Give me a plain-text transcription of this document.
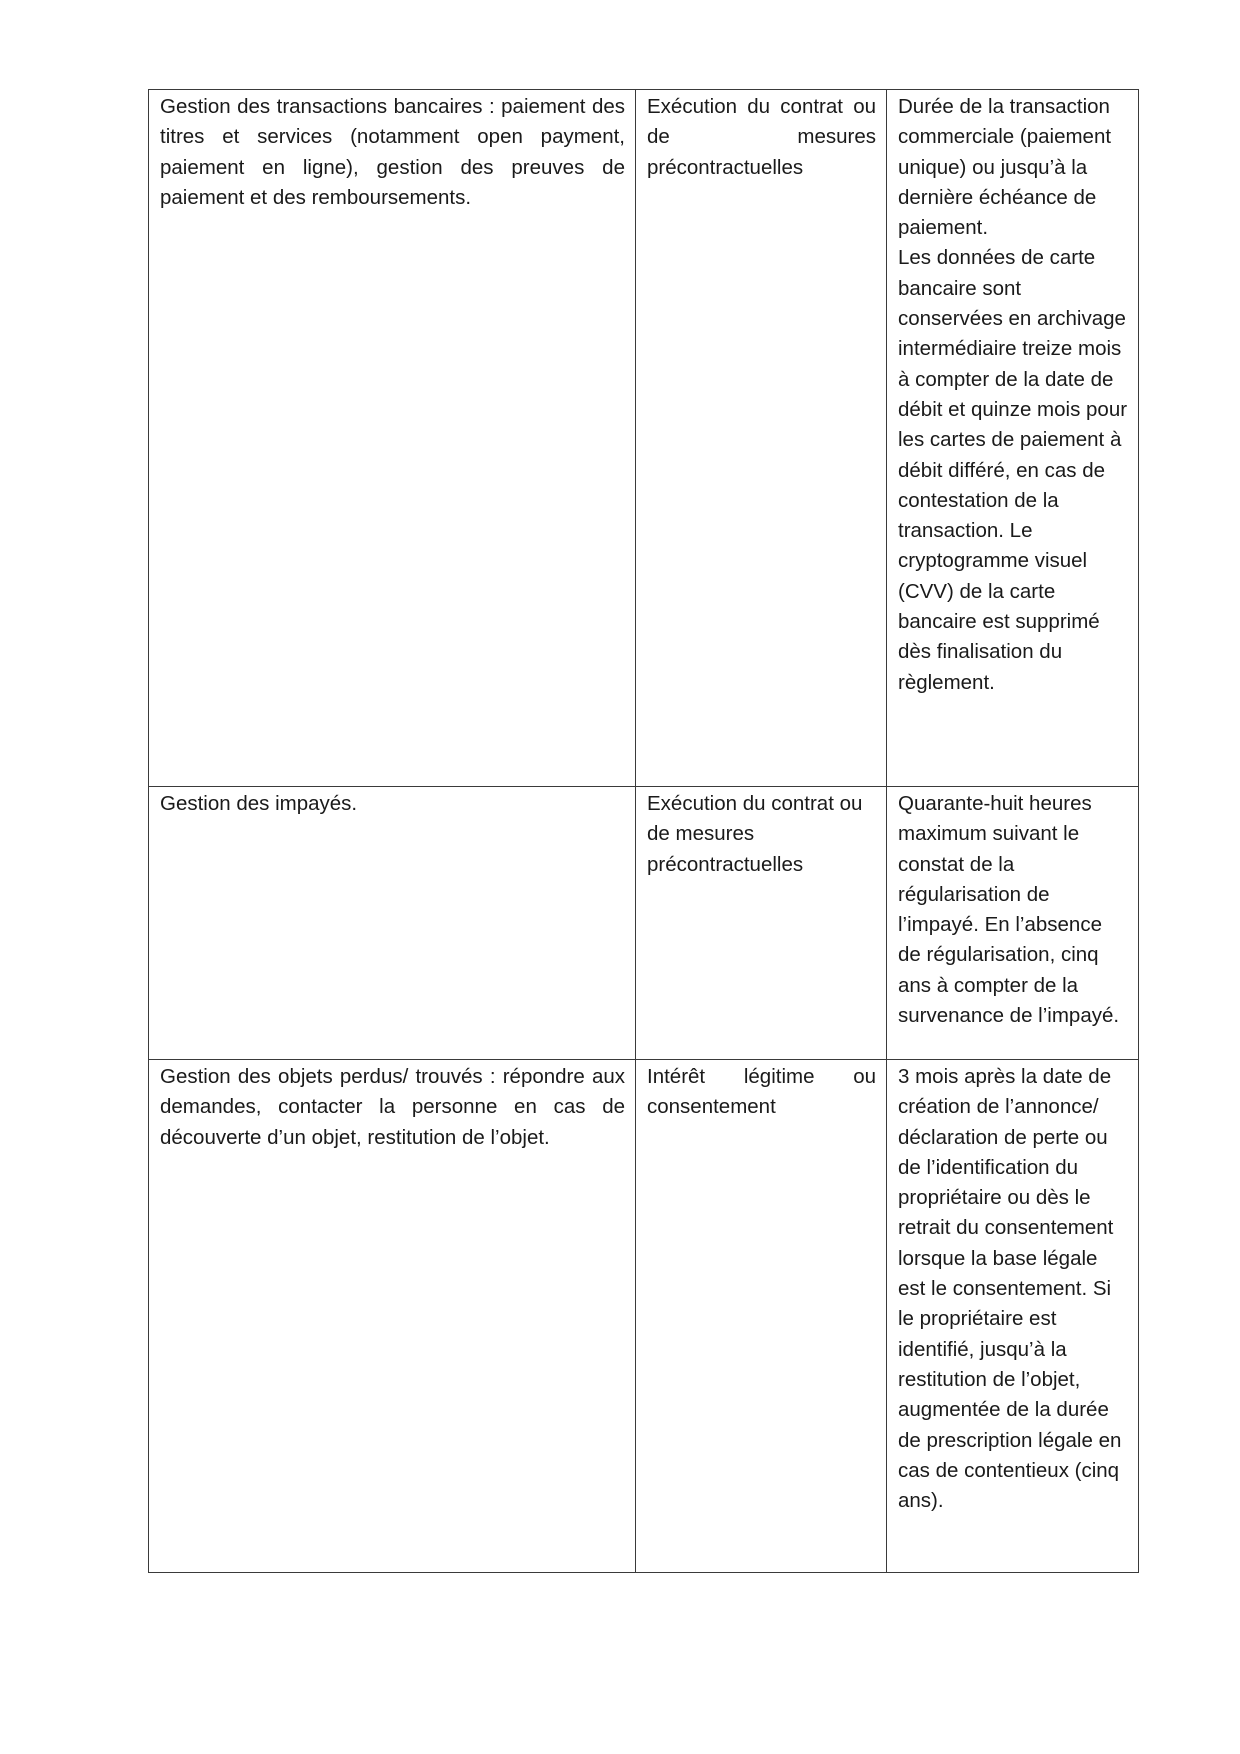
Gestion des transactions bancaires : paiement des titres et services (notamment open payment, paiement en ligne), gestion des preuves de paiement et des remboursements.	Exécution du contrat ou de mesures précontractuelles	Durée de la transaction commerciale (paiement unique) ou jusqu’à la dernière échéance de paiement.
Les données de carte bancaire sont conservées en archivage intermédiaire treize mois à compter de la date de débit et quinze mois pour les cartes de paiement à débit différé, en cas de contestation de la transaction. Le cryptogramme visuel (CVV) de la carte bancaire est supprimé dès finalisation du règlement.

Gestion des impayés.	Exécution du contrat ou de mesures précontractuelles	Quarante-huit heures maximum suivant le constat de la régularisation de l’impayé. En l’absence de régularisation, cinq ans à compter de la survenance de l’impayé.

Gestion des objets perdus/ trouvés : répondre aux demandes, contacter la personne en cas de découverte d’un objet, restitution de l’objet.	Intérêt légitime ou consentement	3 mois après la date de création de l’annonce/ déclaration de perte ou de l’identification du propriétaire ou dès le retrait du consentement lorsque la base légale est le consentement. Si le propriétaire est identifié, jusqu’à la restitution de l’objet, augmentée de la durée de prescription légale en cas de contentieux (cinq ans).
